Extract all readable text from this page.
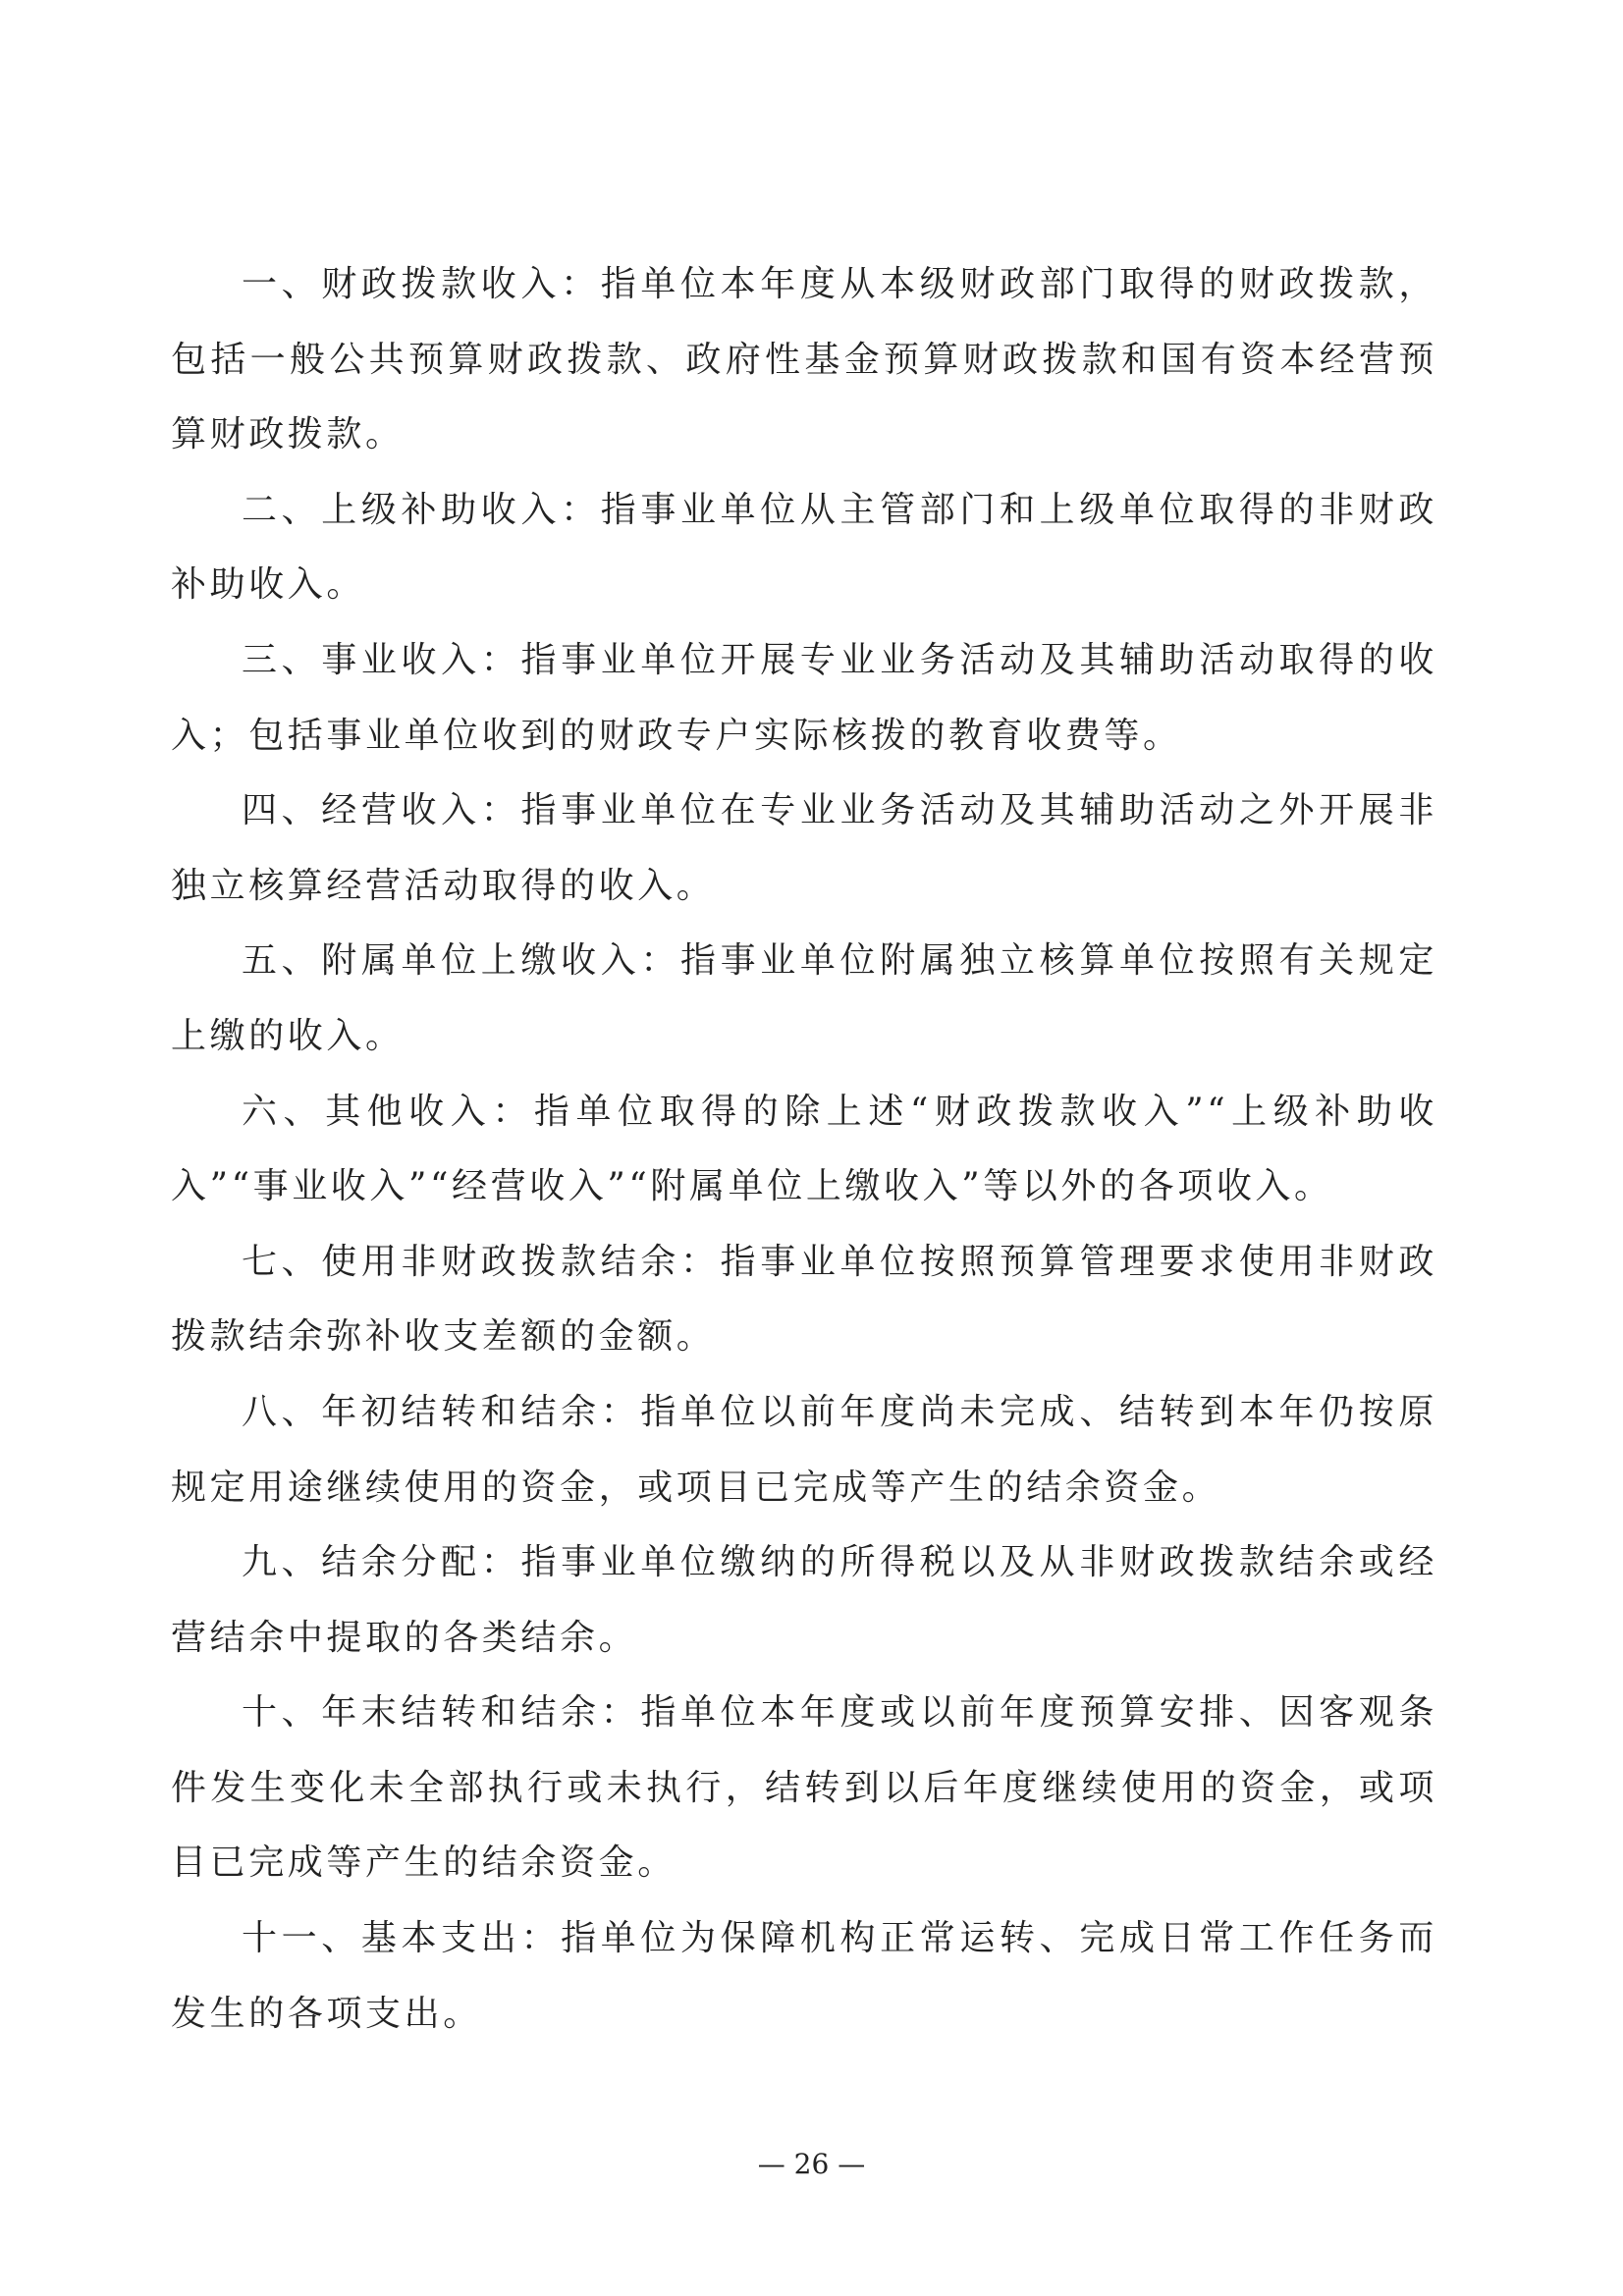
一、财政拨款收入：指单位本年度从本级财政部门取得的财政拨款，包括一般公共预算财政拨款、政府性基金预算财政拨款和国有资本经营预算财政拨款。

二、上级补助收入：指事业单位从主管部门和上级单位取得的非财政补助收入。

三、事业收入：指事业单位开展专业业务活动及其辅助活动取得的收入；包括事业单位收到的财政专户实际核拨的教育收费等。

四、经营收入：指事业单位在专业业务活动及其辅助活动之外开展非独立核算经营活动取得的收入。

五、附属单位上缴收入：指事业单位附属独立核算单位按照有关规定上缴的收入。

六、其他收入：指单位取得的除上述“财政拨款收入”“上级补助收入”“事业收入”“经营收入”“附属单位上缴收入”等以外的各项收入。

七、使用非财政拨款结余：指事业单位按照预算管理要求使用非财政拨款结余弥补收支差额的金额。

八、年初结转和结余：指单位以前年度尚未完成、结转到本年仍按原规定用途继续使用的资金，或项目已完成等产生的结余资金。

九、结余分配：指事业单位缴纳的所得税以及从非财政拨款结余或经营结余中提取的各类结余。

十、年末结转和结余：指单位本年度或以前年度预算安排、因客观条件发生变化未全部执行或未执行，结转到以后年度继续使用的资金，或项目已完成等产生的结余资金。

十一、基本支出：指单位为保障机构正常运转、完成日常工作任务而发生的各项支出。

— 26 —
